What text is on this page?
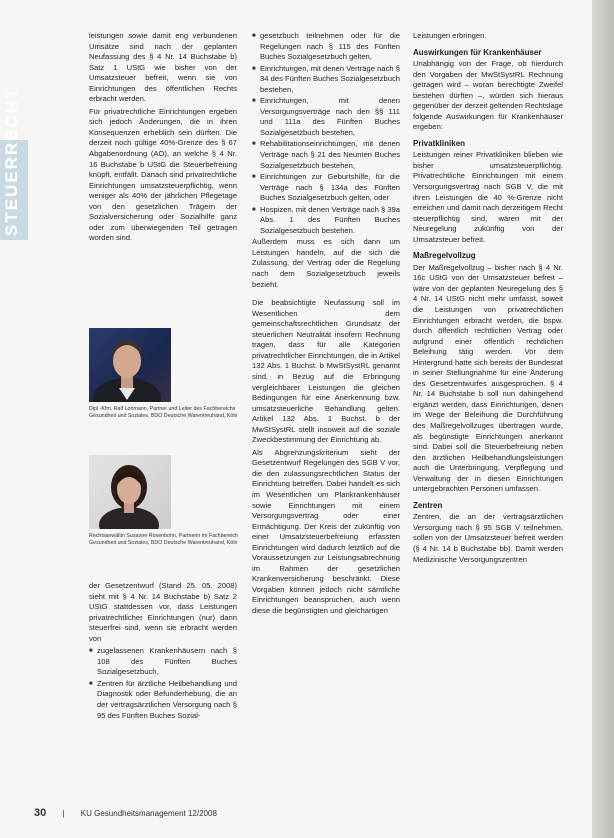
STEUERRECHT

leistungen sowie damit eng verbundenen Umsätze sind nach der geplanten Neufassung des § 4 Nr. 14 Buchstabe b) Satz 1 UStG wie bisher von der Umsatzsteuer befreit, wenn sie von Einrichtungen des öffentlichen Rechts erbracht werden.

Für privatrechtliche Einrichtungen ergeben sich jedoch Änderungen, die in ihren Konsequenzen erheblich sein dürften. Die derzeit noch gültige 40%-Grenze des § 67 Abgabenordnung (AO), an welche § 4 Nr. 16 Buchstabe b UStG die Steuerbefreiung knüpft, entfällt. Danach sind privatrechtliche Einrichtungen umsatzsteuerpflichtig, wenn weniger als 40% der jährlichen Pflegetage von den gesetzlichen Trägern der Sozialversicherung oder Sozialhilfe ganz oder zum überwiegenden Teil getragen worden sind.

Dipl.-Kfm. Ralf Lohmann, Partner und Leiter des Fachbereichs Gesundheit und Soziales, BDO Deutsche Warentreuhand, Köln
Rechtsanwältin Susanne Rosenbohn, Partnerin im Fachbereich Gesundheit und Soziales, BDO Deutsche Warentreuhand, Köln

der Gesetzentwurf (Stand 25. 05. 2008) sieht mit § 4 Nr. 14 Buchstabe b) Satz 2 UStG stattdessen vor, dass Leistungen privatrechtlicher Einrichtungen (nur) dann steuerfrei sind, wenn sie erbracht werden von

■ zugelassenen Krankenhäusern nach § 108 des Fünften Buches Sozialgesetzbuch,
■ Zentren für ärztliche Heilbehandlung und Diagnostik oder Befunderhebung, die an der vertragsärztlichen Versorgung nach § 95 des Fünften Buches Sozial-
■ gesetzbuch teilnehmen oder für die Regelungen nach § 115 des Fünften Buches Sozialgesetzbuch gelten,
■ Einrichtungen, mit denen Verträge nach § 34 des Fünften Buches Sozialgesetzbuch bestehen,
■ Einrichtungen, mit denen Versorgungsverträge nach den §§ 111 und 111a des Fünften Buches Sozialgesetzbuch bestehen,
■ Rehabilitationseinrichtungen, mit denen Verträge nach § 21 des Neunten Buches Sozialgesetzbuch bestehen,
■ Einrichtungen zur Geburtshilfe, für die Verträge nach § 134a des Fünften Buches Sozialgesetzbuch gelten, oder
■ Hospizen, mit denen Verträge nach § 39a Abs. 1 des Fünften Buches Sozialgesetzbuch bestehen.

Außerdem muss es sich dann um Leistungen handeln, auf die sich die Zulassung, der Vertrag oder die Regelung nach dem Sozialgesetzbuch jeweils bezieht.

Die beabsichtigte Neufassung soll im Wesentlichen dem gemeinschaftsrechtlichen Grundsatz der steuerlichen Neutralität insofern Rechnung tragen, dass für alle Kategorien privatrechtlicher Einrichtungen, die in Artikel 132 Abs. 1 Buchst. b MwStSystRL genannt sind, in Bezug auf die Erbringung vergleichbarer Leistungen die gleichen Bedingungen für eine Anerkennung bzw. umsatzsteuerliche Behandlung gelten. Artikel 132 Abs. 1 Buchst. b der MwStSystRL stellt insoweit auf die soziale Zweckbestimmung der Einrichtung ab.

Als Abgrenzungskriterium sieht der Gesetzentwurf Regelungen des SGB V vor, die den zulassungsrechtlichen Status der Einrichtung betreffen. Dabei handelt es sich im Wesentlichen um Plankrankenhäuser sowie Einrichtungen mit einem Versorgungsvertrag oder einer Ermächtigung. Der Kreis der zukünftig von einer Umsatzsteuerbefreiung erfassten Einrichtungen wird dadurch letztlich auf die Voraussetzungen zur Leistungsabrechnung im Rahmen der gesetzlichen Krankenversicherung beschränkt. Diese Vorgaben können jedoch nicht sämtliche Einrichtungen beanspruchen, auch wenn diese die begünstigten und gleichartigen

Leistungen erbringen.

Auswirkungen für Krankenhäuser

Unabhängig von der Frage, ob hierdurch den Vorgaben der MwStSystRL Rechnung getragen wird – woran berechtigte Zweifel bestehen dürften –, würden sich hieraus gegenüber der derzeit geltenden Rechtslage folgende Auswirkungen für Krankenhäuser ergeben:

Privatkliniken

Leistungen reiner Privatkliniken blieben wie bisher umsatzsteuerpflichtig. Privatrechtliche Einrichtungen mit einem Versorgungsvertrag nach SGB V, die mit ihren Leistungen die 40 %-Grenze nicht erreichen und damit nach derzeitigem Recht steuerpflichtig sind, wären mit der Neuregelung zukünftig von der Umsatzsteuer befreit.

Maßregelvollzug

Der Maßregelvollzug – bisher nach § 4 Nr. 16c UStG von der Umsatzsteuer befreit – wäre von der geplanten Neuregelung des § 4 Nr. 14 UStG nicht mehr umfasst, soweit die Leistungen von privatrechtlichen Einrichtungen erbracht werden, die bspw. durch öffentlich rechtlichen Vertrag oder aufgrund einer öffentlich rechtlichen Beleihung tätig werden. Vor dem Hintergrund hatte sich bereits der Bundesrat in seiner Stellungnahme für eine Änderung des Gesetzentwurfes ausgesprochen. § 4 Nr. 14 Buchstabe b soll nun dahingehend ergänzt werden, dass Einrichtungen, denen im Wege der Beleihung die Durchführung des Maßregelvollzuges übertragen wurde, als begünstigte Einrichtungen anerkannt sind. Dabei soll die Steuerbefreiung neben den ärztlichen Heilbehandlungsleistungen auch die Unterbringung, Verpflegung und Verwaltung der in diesen Einrichtungen untergebrachten Personen umfassen.

Zentren

Zentren, die an der vertragsärztlichen Versorgung nach § 95 SGB V teilnehmen, sollen von der Umsatzsteuer befreit werden (§ 4 Nr. 14 b Buchstabe bb). Damit werden Medizinische Versorgungszentren

30 | KU Gesundheitsmanagement 12/2008
